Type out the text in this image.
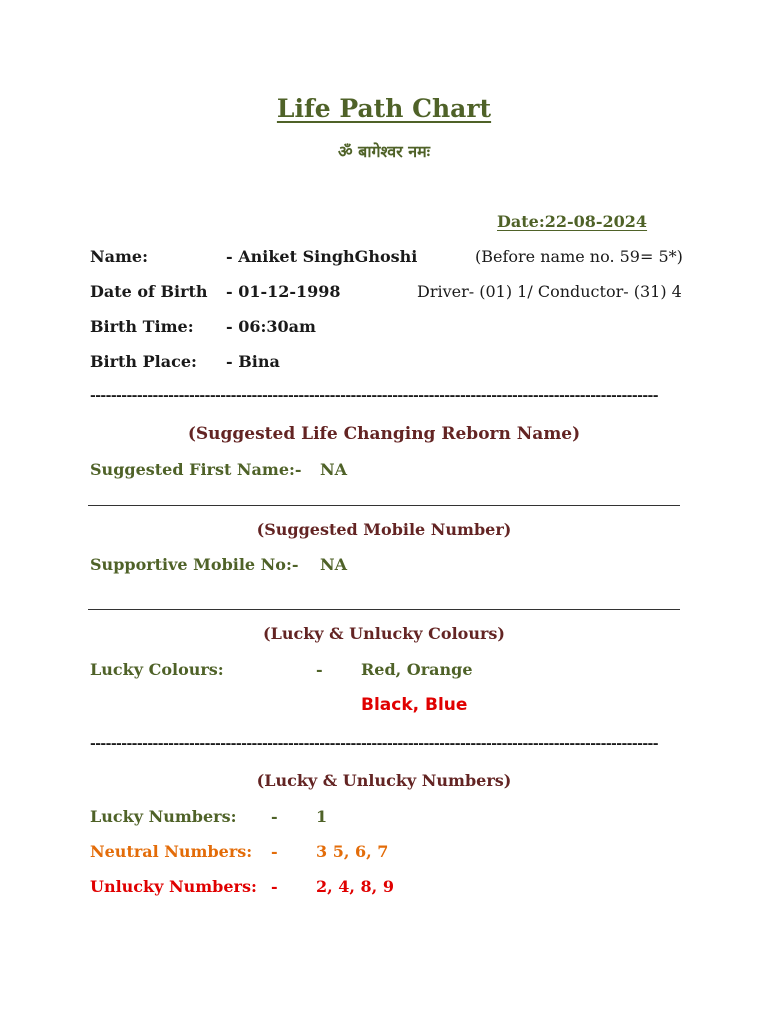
Life Path Chart
ॐ बागेश्वर नमः
Date:22-08-2024
Name:	- Aniket SinghGhoshi	(Before name no. 59= 5*)
Date of Birth - 01-12-1998	Driver- (01) 1/ Conductor- (31) 4
Birth Time: - 06:30am
Birth Place: - Bina
-------------------------------------------------------------------------------------------------------------
(Suggested Life Changing Reborn Name)
Suggested First Name:- NA
(Suggested Mobile Number)
Supportive Mobile No:- NA
(Lucky & Unlucky Colours)
Lucky Colours:	- Red, Orange
Black, Blue
-------------------------------------------------------------------------------------------------------------
(Lucky & Unlucky Numbers)
Lucky Numbers: - 1
Neutral Numbers: - 3 5, 6, 7
Unlucky Numbers: - 2, 4, 8, 9
